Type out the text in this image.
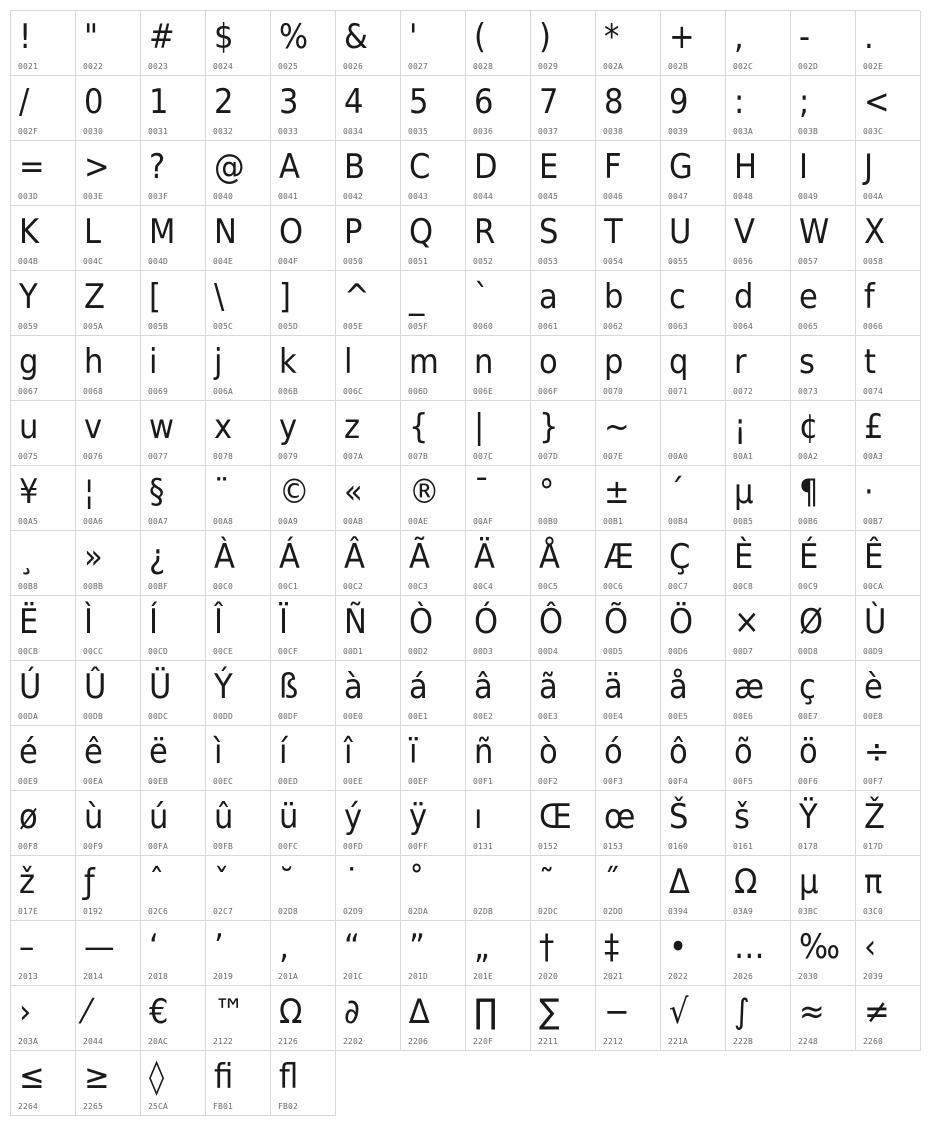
!
0021
"
0022
#
0023
$
0024
%
0025
&
0026
'
0027
(
0028
)
0029
*
002A
+
002B
,
002C
-
002D
.
002E
/
002F
0
0030
1
0031
2
0032
3
0033
4
0034
5
0035
6
0036
7
0037
8
0038
9
0039
:
003A
;
003B
<
003C
=
003D
>
003E
?
003F
@
0040
A
0041
B
0042
C
0043
D
0044
E
0045
F
0046
G
0047
H
0048
I
0049
J
004A
K
004B
L
004C
M
004D
N
004E
O
004F
P
0050
Q
0051
R
0052
S
0053
T
0054
U
0055
V
0056
W
0057
X
0058
Y
0059
Z
005A
[
005B
\
005C
]
005D
^
005E
_
005F
`
0060
a
0061
b
0062
c
0063
d
0064
e
0065
f
0066
g
0067
h
0068
i
0069
j
006A
k
006B
l
006C
m
006D
n
006E
o
006F
p
0070
q
0071
r
0072
s
0073
t
0074
u
0075
v
0076
w
0077
x
0078
y
0079
z
007A
{
007B
|
007C
}
007D
~
007E	00A0
¡
00A1
¢
00A2
£
00A3
¥
00A5
¦
00A6
§
00A7
¨
00A8
©
00A9
«
00AB
®
00AE
¯
00AF
°
00B0
±
00B1
´
00B4
µ
00B5
¶
00B6
·
00B7
¸
00B8
»
00BB
¿
00BF
À
00C0
Á
00C1
Â
00C2
Ã
00C3
Ä
00C4
Å
00C5
Æ
00C6
Ç
00C7
È
00C8
É
00C9
Ê
00CA
Ë
00CB
Ì
00CC
Í
00CD
Î
00CE
Ï
00CF
Ñ
00D1
Ò
00D2
Ó
00D3
Ô
00D4
Õ
00D5
Ö
00D6
×
00D7
Ø
00D8
Ù
00D9
Ú
00DA
Û
00DB
Ü
00DC
Ý
00DD
ß
00DF
à
00E0
á
00E1
â
00E2
ã
00E3
ä
00E4
å
00E5
æ
00E6
ç
00E7
è
00E8
é
00E9
ê
00EA
ë
00EB
ì
00EC
í
00ED
î
00EE
ï
00EF
ñ
00F1
ò
00F2
ó
00F3
ô
00F4
õ
00F5
ö
00F6
÷
00F7
ø
00F8
ù
00F9
ú
00FA
û
00FB
ü
00FC
ý
00FD
ÿ
00FF
ı
0131
Œ
0152
œ
0153
Š
0160
š
0161
Ÿ
0178
Ž
017D
ž
017E
ƒ
0192
ˆ
02C6
ˇ
02C7
˘
02D8
˙
02D9
˚
02DA	02DB
˜
02DC
˝
02DD
Δ
0394
Ω
03A9
μ
03BC
π
03C0
–
2013
—
2014
‘
2018
’
2019
‚
201A
“
201C
”
201D
„
201E
†
2020
‡
2021
•
2022
…
2026
‰
2030
‹
2039
›
203A
⁄
2044
€
20AC
™
2122
Ω
2126
∂
2202
∆
2206
∏
220F
∑
2211
−
2212
√
221A
∫
222B
≈
2248
≠
2260
≤
2264
≥
2265
◊
25CA
ﬁ
FB01
ﬂ
FB02
